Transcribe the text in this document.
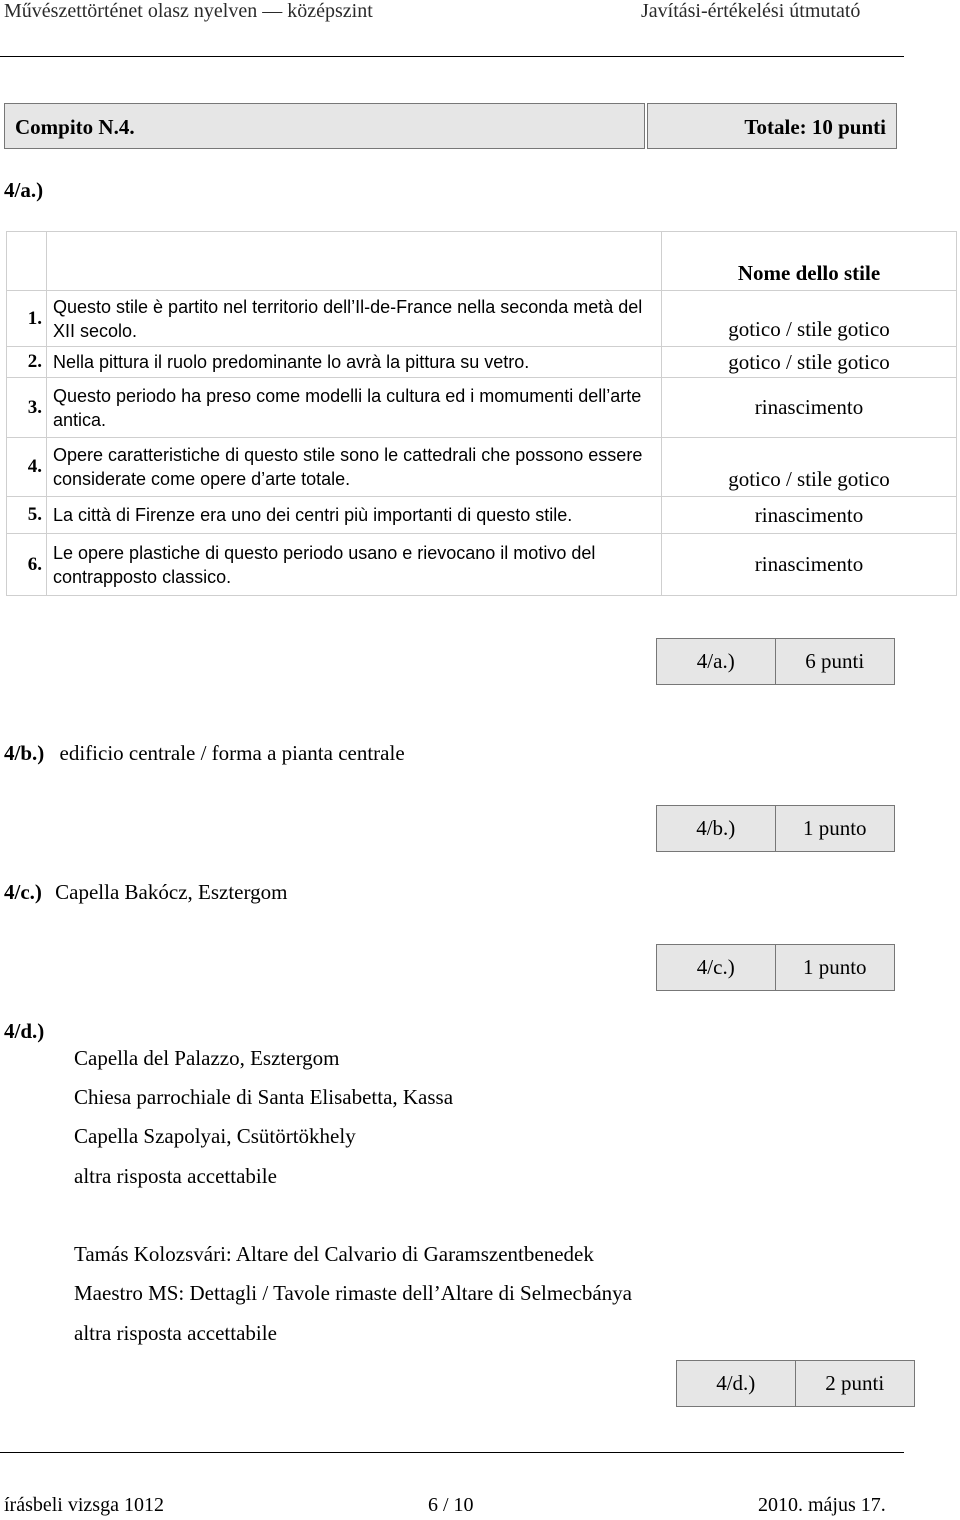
Művészettörténet olasz nyelven — középszint	Javítási-értékelési útmutató
Compito N.4.	Totale: 10 punti
4/a.)
		Nome dello stile
1.	Questo stile è partito nel territorio dell’Il-de-France nella seconda metà del XII secolo.	gotico / stile gotico
2.	Nella pittura il ruolo predominante lo avrà la pittura su vetro.	gotico / stile gotico
3.	Questo periodo ha preso come modelli la cultura ed i momumenti dell’arte antica.	rinascimento
4.	Opere caratteristiche di questo stile sono le cattedrali che possono essere considerate come opere d’arte totale.	gotico / stile gotico
5.	La città di Firenze era uno dei centri più importanti di questo stile.	rinascimento
6.	Le opere plastiche di questo periodo usano e rievocano il motivo del contrapposto classico.	rinascimento
4/a.)	6 punti
4/b.) edificio centrale / forma a pianta centrale
4/b.)	1 punto
4/c.) Capella Bakócz, Esztergom
4/c.)	1 punto
4/d.)
Capella del Palazzo, Esztergom
Chiesa parrochiale di Santa Elisabetta, Kassa
Capella Szapolyai, Csütörtökhely
altra risposta accettabile
Tamás Kolozsvári: Altare del Calvario di Garamszentbenedek
Maestro MS: Dettagli / Tavole rimaste dell’Altare di Selmecbánya
altra risposta accettabile
4/d.)	2 punti
írásbeli vizsga 1012	6 / 10	2010. május 17.
